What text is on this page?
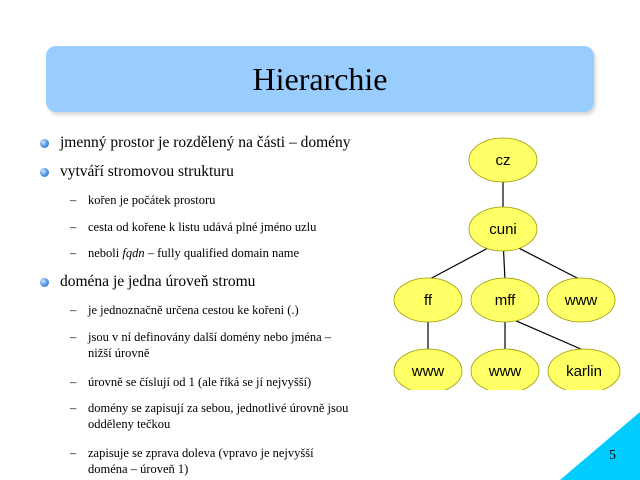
Hierarchie
jmenný prostor je rozdělený na části – domény
vytváří stromovou strukturu
– kořen je počátek prostoru
– cesta od kořene k listu udává plné jméno uzlu
– neboli fqdn – fully qualified domain name
doména je jedna úroveň stromu
– je jednoznačně určena cestou ke kořeni (.)
– jsou v ní definovány další domény nebo jména –
nižší úrovně
– úrovně se číslují od 1 (ale říká se jí nejvyšší)
– domény se zapisují za sebou, jednotlivé úrovně jsou
odděleny tečkou
– zapisuje se zprava doleva (vpravo je nejvyšší
doména – úroveň 1)
cz
cuni
ff	mff	www
www	www	karlin
5
